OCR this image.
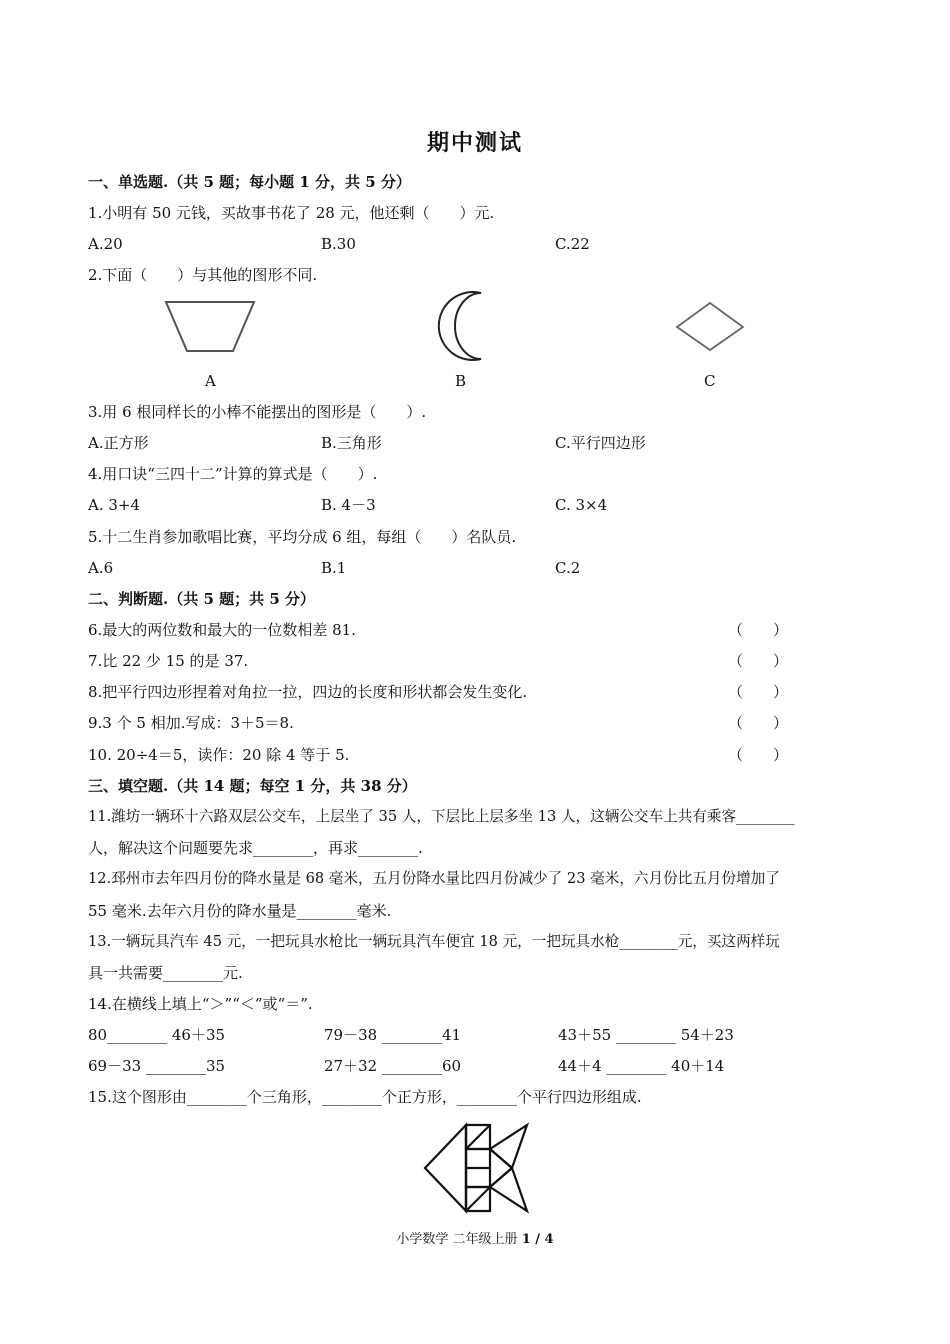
期中测试
一、单选题.（共 5 题；每小题 1 分，共 5 分）
1.小明有 50 元钱，买故事书花了 28 元，他还剩（　　）元.
A.20	B.30	C.22
2.下面（　　）与其他的图形不同.
A	B	C
3.用 6 根同样长的小棒不能摆出的图形是（　　）.
A.正方形	B.三角形	C.平行四边形
4.用口诀“三四十二”计算的算式是（　　）.
A. 3+4	B. 4－3	C. 3×4
5.十二生肖参加歌唱比赛，平均分成 6 组，每组（　　）名队员.
A.6	B.1	C.2
二、判断题.（共 5 题；共 5 分）
6.最大的两位数和最大的一位数相差 81.	（　　）
7.比 22 少 15 的是 37.	（　　）
8.把平行四边形捏着对角拉一拉，四边的长度和形状都会发生变化.	（　　）
9.3 个 5 相加.写成：3＋5＝8.	（　　）
10. 20÷4＝5，读作：20 除 4 等于 5.	（　　）
三、填空题.（共 14 题；每空 1 分，共 38 分）
11.潍坊一辆环十六路双层公交车，上层坐了 35 人，下层比上层多坐 13 人，这辆公交车上共有乘客________
人，解决这个问题要先求________，再求________.
12.邳州市去年四月份的降水量是 68 毫米，五月份降水量比四月份减少了 23 毫米，六月份比五月份增加了
55 毫米.去年六月份的降水量是________毫米.
13.一辆玩具汽车 45 元，一把玩具水枪比一辆玩具汽车便宜 18 元，一把玩具水枪________元，买这两样玩
具一共需要________元.
14.在横线上填上“＞”“＜”或“＝”.
80________ 46＋35	79－38 ________41	43＋55 ________ 54＋23
69－33 ________35	27＋32 ________60	44＋4 ________ 40＋14
15.这个图形由________个三角形，________个正方形，________个平行四边形组成.
小学数学 二年级上册 1 / 4
